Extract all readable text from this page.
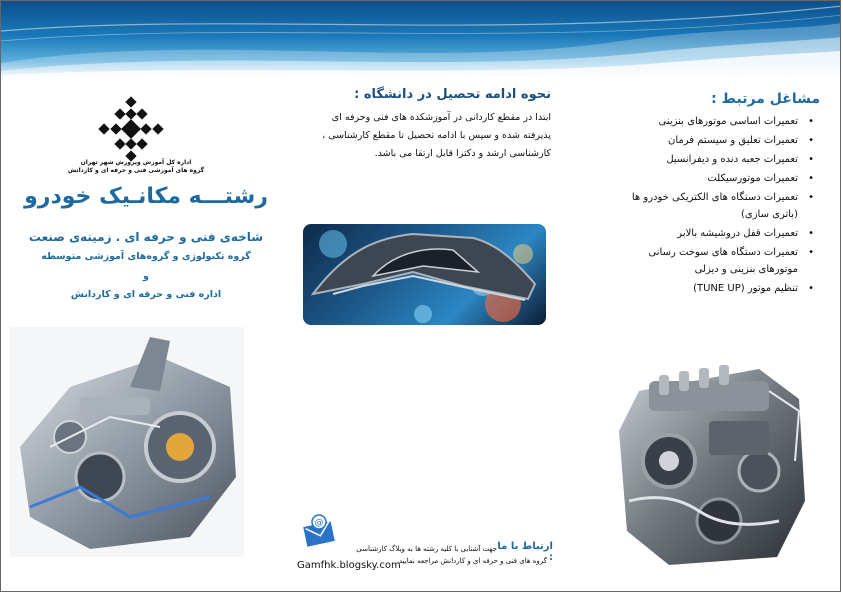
مشاغل مرتبط :
•
تعمیرات اساسی موتورهای بنزینی
•
تعمیرات تعلیق و سیستم فرمان
•
تعمیرات جعبه دنده و دیفرانسیل
•
تعمیرات موتورسیکلت
•
تعمیرات دستگاه های الکتریکی خودرو ها
(باتری سازی)
•
تعمیرات قفل دروشیشه بالابر
•
تعمیرات دستگاه های سوخت رسانی
موتورهای بنزینی و دیزلی
•
تنظیم موتور (TUNE UP)
نحوه ادامه تحصیل در دانشگاه :
ابتدا در مقطع کاردانی در آموزشکده های فنی وحرفه ای
پذیرفته شده و سپس با ادامه تحصیل تا مقطع کارشناسی ،
کارشناسی ارشد و دکترا قابل ارتقا می باشد.
@
ارتباط با ما :
جهت آشنایی با کلیه رشته ها به وبلاگ کارشناسی
گروه های فنی و حرفه ای و کاردانش مراجعه نمایید.
Gamfhk.blogsky.com
اداره کل آموزش وپرورش شهر تهران
گروه های آموزشی فنی و حرفه ای و کاردانش
رشتـــه مکانـیک خودرو
شاخه‌ی فنی و حرفه ای . زمینه‌ی صنعت
گروه تکنولوژی و گروه‌های آموزشی متوسطه
و
اداره فنی و حرفه ای و کاردانش
